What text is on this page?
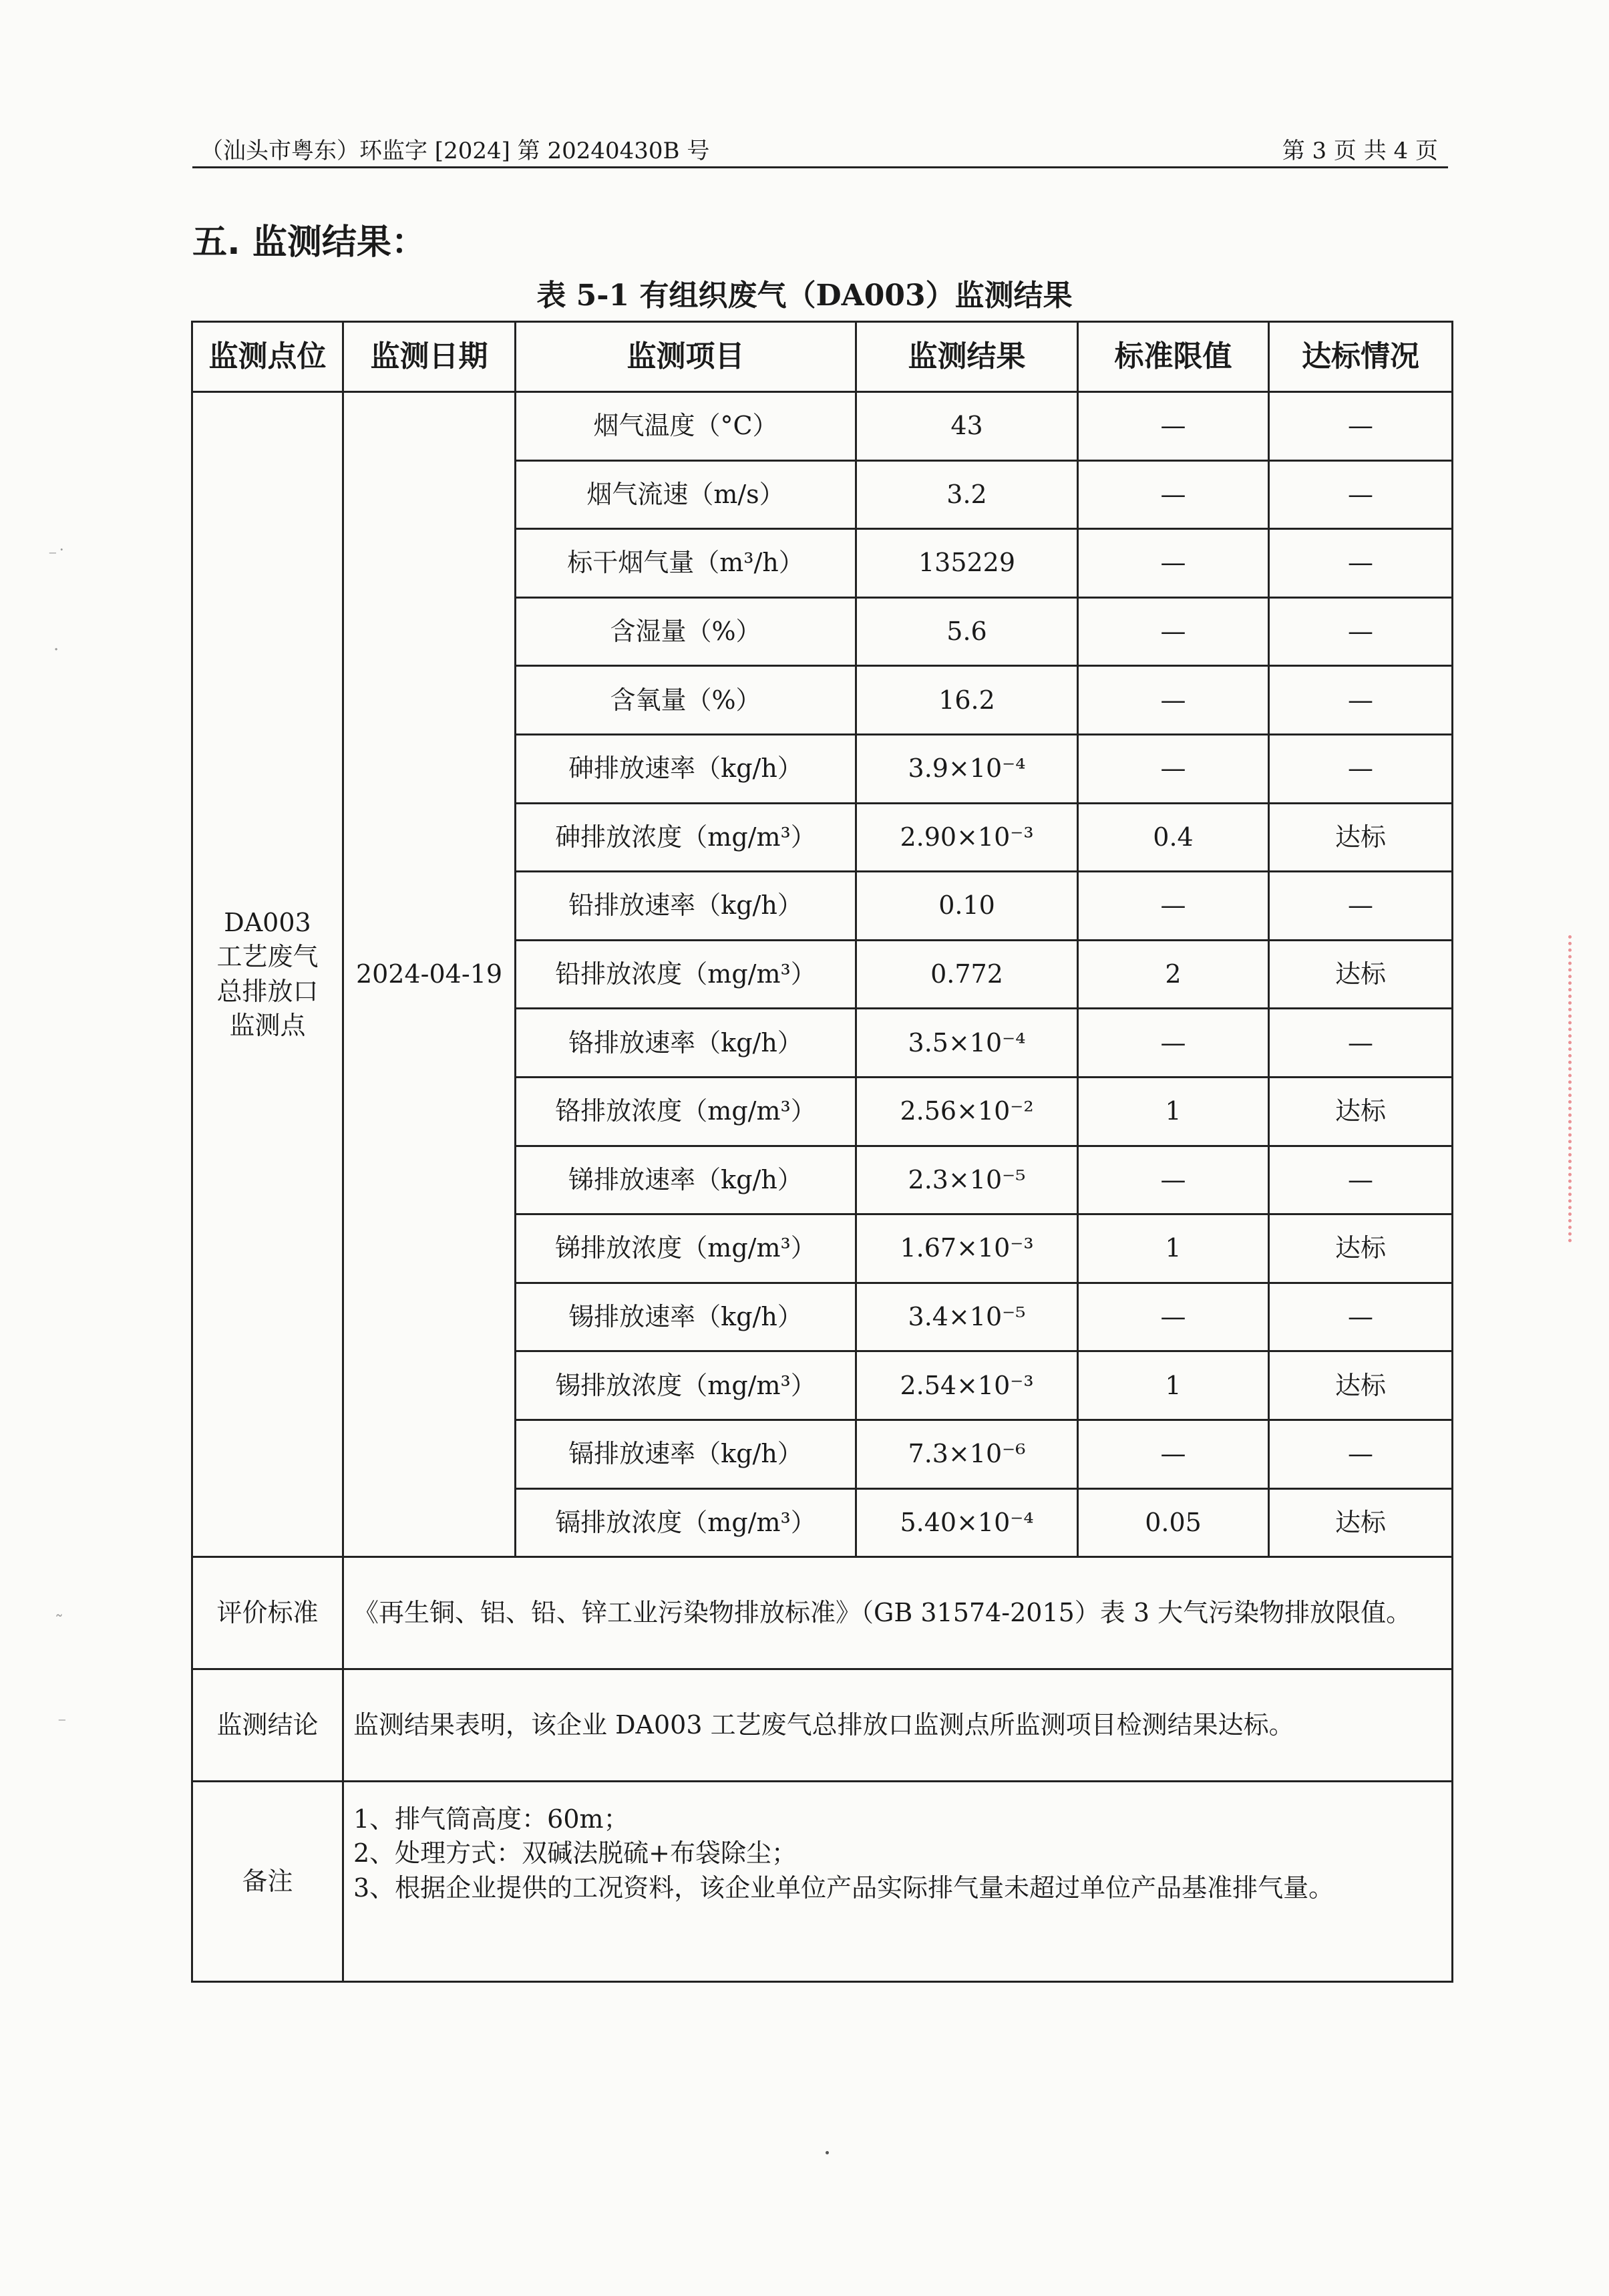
（汕头市粤东）环监字 [2024] 第 20240430B 号	第 3 页 共 4 页
五. 监测结果：
表 5-1 有组织废气（DA003）监测结果
监测点位	监测日期	监测项目	监测结果	标准限值	达标情况
DA003
工艺废气
总排放口
监测点
2024-04-19
烟气温度（°C）	43	—	—
烟气流速（m/s）	3.2	—	—
标干烟气量（m³/h）	135229	—	—
含湿量（%）	5.6	—	—
含氧量（%）	16.2	—	—
砷排放速率（kg/h）	3.9×10⁻⁴	—	—
砷排放浓度（mg/m³）	2.90×10⁻³	0.4	达标
铅排放速率（kg/h）	0.10	—	—
铅排放浓度（mg/m³）	0.772	2	达标
铬排放速率（kg/h）	3.5×10⁻⁴	—	—
铬排放浓度（mg/m³）	2.56×10⁻²	1	达标
锑排放速率（kg/h）	2.3×10⁻⁵	—	—
锑排放浓度（mg/m³）	1.67×10⁻³	1	达标
锡排放速率（kg/h）	3.4×10⁻⁵	—	—
锡排放浓度（mg/m³）	2.54×10⁻³	1	达标
镉排放速率（kg/h）	7.3×10⁻⁶	—	—
镉排放浓度（mg/m³）	5.40×10⁻⁴	0.05	达标
评价标准	《再生铜、铝、铅、锌工业污染物排放标准》（GB 31574-2015）表 3 大气污染物排放限值。
监测结论	监测结果表明，该企业 DA003 工艺废气总排放口监测点所监测项目检测结果达标。
备注
1、排气筒高度：60m；
2、处理方式：双碱法脱硫+布袋除尘；
3、根据企业提供的工况资料，该企业单位产品实际排气量未超过单位产品基准排气量。
⁻˙
·
˜
⁻
